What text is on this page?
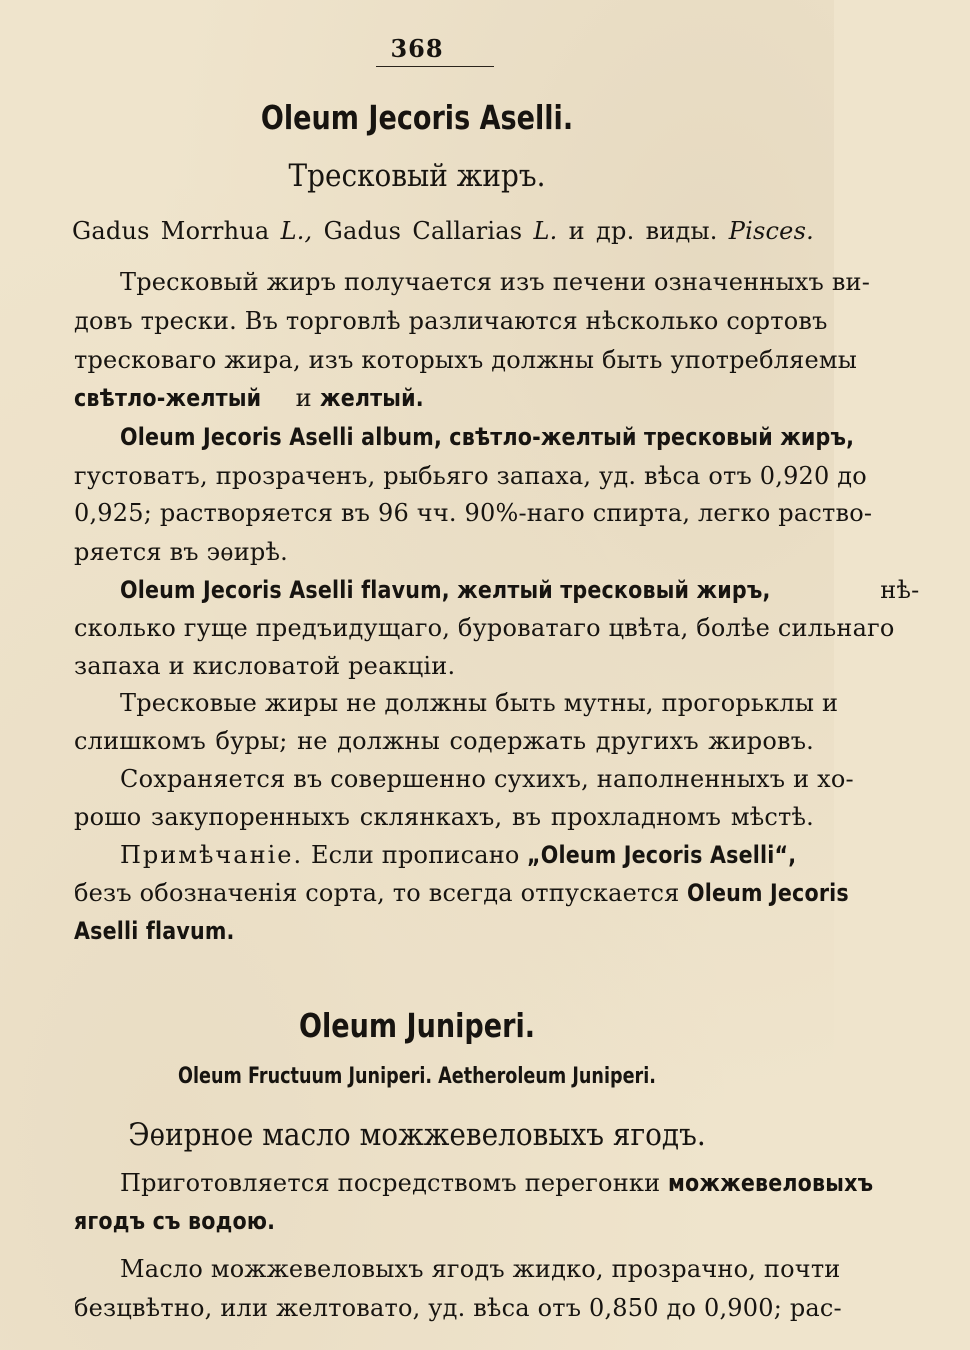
368
Oleum Jecoris Aselli.
Тресковый жиръ.
Gadus Morrhua L., Gadus Callarias L. и др. виды. Pisces.
Тресковый жиръ получается изъ печени означенныхъ ви-
довъ трески. Въ торговлѣ различаются нѣсколько сортовъ
тресковаго жира, изъ которыхъ должны быть употребляемы
свѣтло-желтый и желтый.
Oleum Jecoris Aselli album, свѣтло-желтый тресковый жиръ,
густоватъ, прозраченъ, рыбьяго запаха, уд. вѣса отъ 0,920 до
0,925; растворяется въ 96 чч. 90%-наго спирта, легко раство-
ряется въ эѳирѣ.
Oleum Jecoris Aselli flavum, желтый тресковый жиръ,	нѣ-
сколько гуще предъидущаго, буроватаго цвѣта, болѣе сильнаго
запаха и кисловатой реакціи.
Тресковые жиры не должны быть мутны, прогорьклы и
слишкомъ буры; не должны содержать другихъ жировъ.
Сохраняется въ совершенно сухихъ, наполненныхъ и хо-
рошо закупоренныхъ склянкахъ, въ прохладномъ мѣстѣ.
Примѣчаніе. Если прописано „Oleum Jecoris Aselli“,
безъ обозначенія сорта, то всегда отпускается Oleum Jecoris
Aselli flavum.
Oleum Juniperi.
Oleum Fructuum Juniperi. Aetheroleum Juniperi.
Эѳирное масло можжевеловыхъ ягодъ.
Приготовляется посредствомъ перегонки можжевеловыхъ
ягодъ съ водою.
Масло можжевеловыхъ ягодъ жидко, прозрачно, почти
безцвѣтно, или желтовато, уд. вѣса отъ 0,850 до 0,900; рас-
